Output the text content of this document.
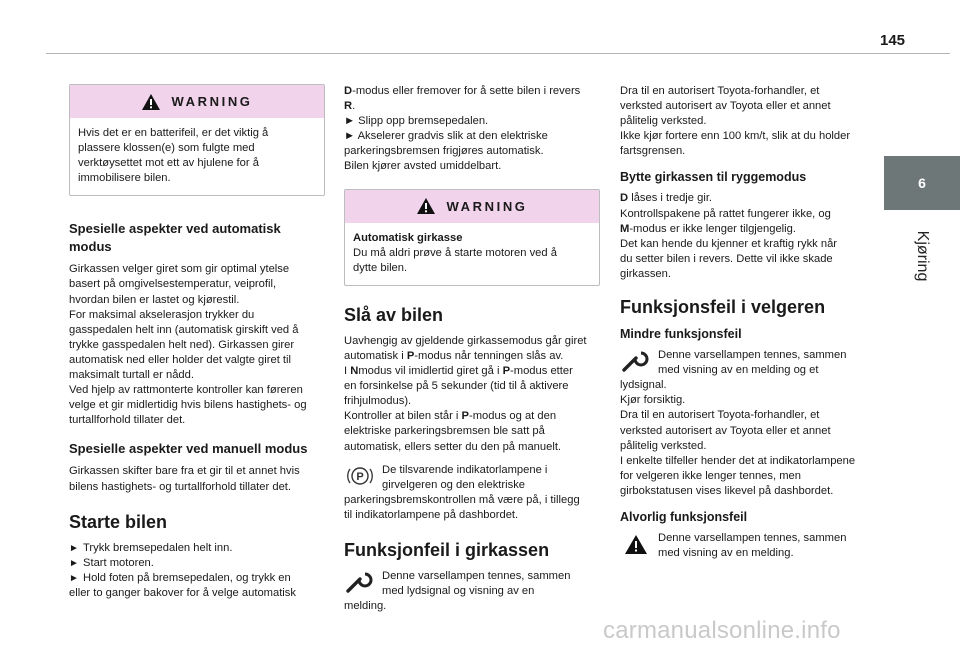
145
6
Kjøring
WARNING
Hvis det er en batterifeil, er det viktig å
plassere klossen(e) som fulgte med
verktøysettet mot ett av hjulene for å
immobilisere bilen.
Spesielle aspekter ved automatisk modus

Girkassen velger giret som gir optimal ytelse
basert på omgivelsestemperatur, veiprofil,
hvordan bilen er lastet og kjørestil.
For maksimal akselerasjon trykker du
gasspedalen helt inn (automatisk girskift ved å
trykke gasspedalen helt ned). Girkassen girer
automatisk ned eller holder det valgte giret til
maksimalt turtall er nådd.
Ved hjelp av rattmonterte kontroller kan føreren
velge et gir midlertidig hvis bilens hastighets- og
turtallforhold tillater det.

Spesielle aspekter ved manuell modus

Girkassen skifter bare fra et gir til et annet hvis
bilens hastighets- og turtallforhold tillater det.

Starte bilen
► Trykk bremsepedalen helt inn.
► Start motoren.
► Hold foten på bremsepedalen, og trykk en
eller to ganger bakover for å velge automatisk

D-modus eller fremover for å sette bilen i revers
R.
► Slipp opp bremsepedalen.
► Akselerer gradvis slik at den elektriske
parkeringsbremsen frigjøres automatisk.
Bilen kjører avsted umiddelbart.

WARNING
Automatisk girkasse
Du må aldri prøve å starte motoren ved å
dytte bilen.
Slå av bilen

Uavhengig av gjeldende girkassemodus går giret
automatisk i P-modus når tenningen slås av.
I Nmodus vil imidlertid giret gå i P-modus etter
en forsinkelse på 5 sekunder (tid til å aktivere
frihjulmodus).
Kontroller at bilen står i P-modus og at den
elektriske parkeringsbremsen ble satt på
automatisk, ellers setter du den på manuelt.

P
De tilsvarende indikatorlampene i
girvelgeren og den elektriske
parkeringsbremskontrollen må være på, i tillegg
til indikatorlampene på dashbordet.
Funksjonfeil i girkassen
Denne varsellampen tennes, sammen
med lydsignal og visning av en
melding.

Dra til en autorisert Toyota-forhandler, et
verksted autorisert av Toyota eller et annet
pålitelig verksted.
Ikke kjør fortere enn 100 km/t, slik at du holder
fartsgrensen.

Bytte girkassen til ryggemodus

D låses i tredje gir.
Kontrollspakene på rattet fungerer ikke, og
M-modus er ikke lenger tilgjengelig.
Det kan hende du kjenner et kraftig rykk når
du setter bilen i revers. Dette vil ikke skade
girkassen.

Funksjonsfeil i velgeren
Mindre funksjonsfeil
Denne varsellampen tennes, sammen
med visning av en melding og et
lydsignal.
Kjør forsiktig.
Dra til en autorisert Toyota-forhandler, et
verksted autorisert av Toyota eller et annet
pålitelig verksted.
I enkelte tilfeller hender det at indikatorlampene
for velgeren ikke lenger tennes, men
girbokstatusen vises likevel på dashbordet.
Alvorlig funksjonsfeil
Denne varsellampen tennes, sammen
med visning av en melding.
carmanualsonline.info
